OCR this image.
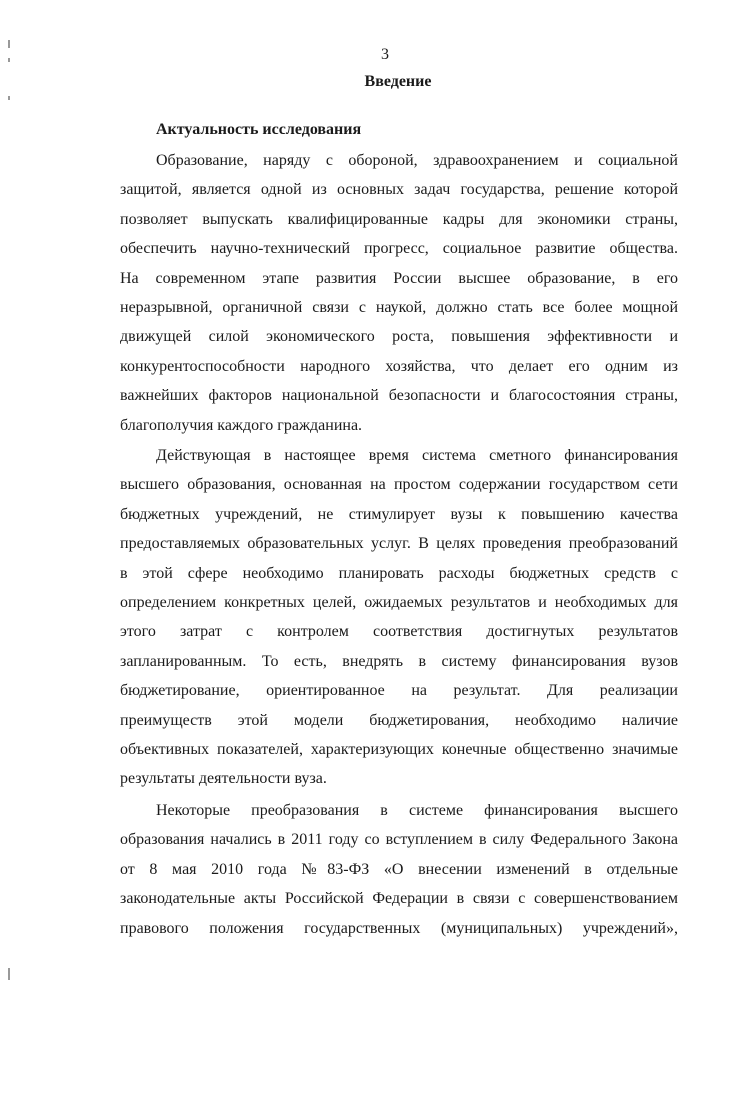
3
Введение
Актуальность исследования
Образование, наряду с обороной, здравоохранением и социальной
защитой, является одной из основных задач государства, решение которой
позволяет выпускать квалифицированные кадры для экономики страны,
обеспечить научно-технический прогресс, социальное развитие общества.
На современном этапе развития России высшее образование, в его
неразрывной, органичной связи с наукой, должно стать все более мощной
движущей силой экономического роста, повышения эффективности и
конкурентоспособности народного хозяйства, что делает его одним из
важнейших факторов национальной безопасности и благосостояния страны,
благополучия каждого гражданина.
Действующая в настоящее время система сметного финансирования
высшего образования, основанная на простом содержании государством сети
бюджетных учреждений, не стимулирует вузы к повышению качества
предоставляемых образовательных услуг. В целях проведения преобразований
в этой сфере необходимо планировать расходы бюджетных средств с
определением конкретных целей, ожидаемых результатов и необходимых для
этого затрат с контролем соответствия достигнутых результатов
запланированным. То есть, внедрять в систему финансирования вузов
бюджетирование, ориентированное на результат. Для реализации
преимуществ этой модели бюджетирования, необходимо наличие
объективных показателей, характеризующих конечные общественно значимые
результаты деятельности вуза.
Некоторые преобразования в системе финансирования высшего
образования начались в 2011 году со вступлением в силу Федерального Закона
от 8 мая 2010 года №83-ФЗ «О внесении изменений в отдельные
законодательные акты Российской Федерации в связи с совершенствованием
правового положения государственных (муниципальных) учреждений»,
